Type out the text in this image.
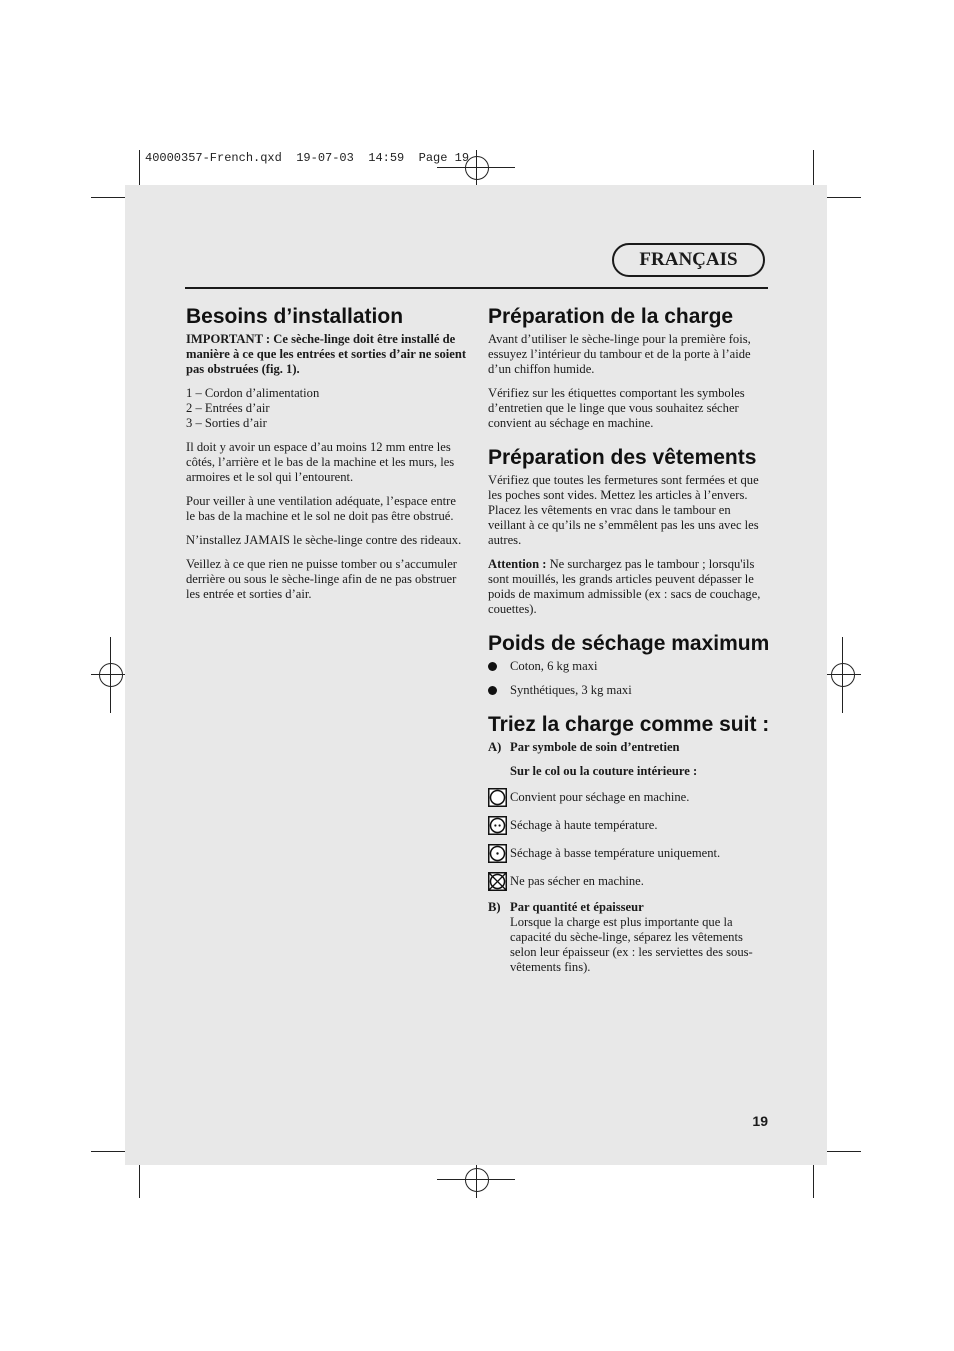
40000357-French.qxd  19-07-03  14:59  Page 19
FRANÇAIS
Besoins d’installation

IMPORTANT : Ce sèche-linge doit être installé de manière à ce que les entrées et sorties d’air ne soient pas obstruées (fig. 1).

1 – Cordon d’alimentation
2 – Entrées d’air
3 – Sorties d’air

Il doit y avoir un espace d’au moins 12 mm entre les côtés, l’arrière et le bas de la machine et les murs, les armoires et le sol qui l’entourent.

Pour veiller à une ventilation adéquate, l’espace entre le bas de la machine et le sol ne doit pas être obstrué.

N’installez JAMAIS le sèche-linge contre des rideaux.

Veillez à ce que rien ne puisse tomber ou s’accumuler derrière ou sous le sèche-linge afin de ne pas obstruer les entrée et sorties d’air.

Préparation de la charge

Avant d’utiliser le sèche-linge pour la première fois, essuyez l’intérieur du tambour et de la porte à l’aide d’un chiffon humide.

Vérifiez sur les étiquettes comportant les symboles d’entretien que le linge que vous souhaitez sécher convient au séchage en machine.

Préparation des vêtements

Vérifiez que toutes les fermetures sont fermées et que les poches sont vides. Mettez les articles à l’envers. Placez les vêtements en vrac dans le tambour en veillant à ce qu’ils ne s’emmêlent pas les uns avec les autres.

Attention : Ne surchargez pas le tambour ; lorsqu'ils sont mouillés, les grands articles peuvent dépasser le poids de maximum admissible (ex : sacs de couchage, couettes).

Poids de séchage maximum
Coton, 6 kg maxi
Synthétiques, 3 kg maxi
Triez la charge comme suit :
A) Par symbole de soin d’entretien

Sur le col ou la couture intérieure :

Convient pour séchage en machine.
Séchage à haute température.
Séchage à basse température uniquement.
Ne pas sécher en machine.
B) Par quantité et épaisseur
Lorsque la charge est plus importante que la capacité du sèche-linge, séparez les vêtements selon leur épaisseur (ex : les serviettes des sous-vêtements fins).
19
